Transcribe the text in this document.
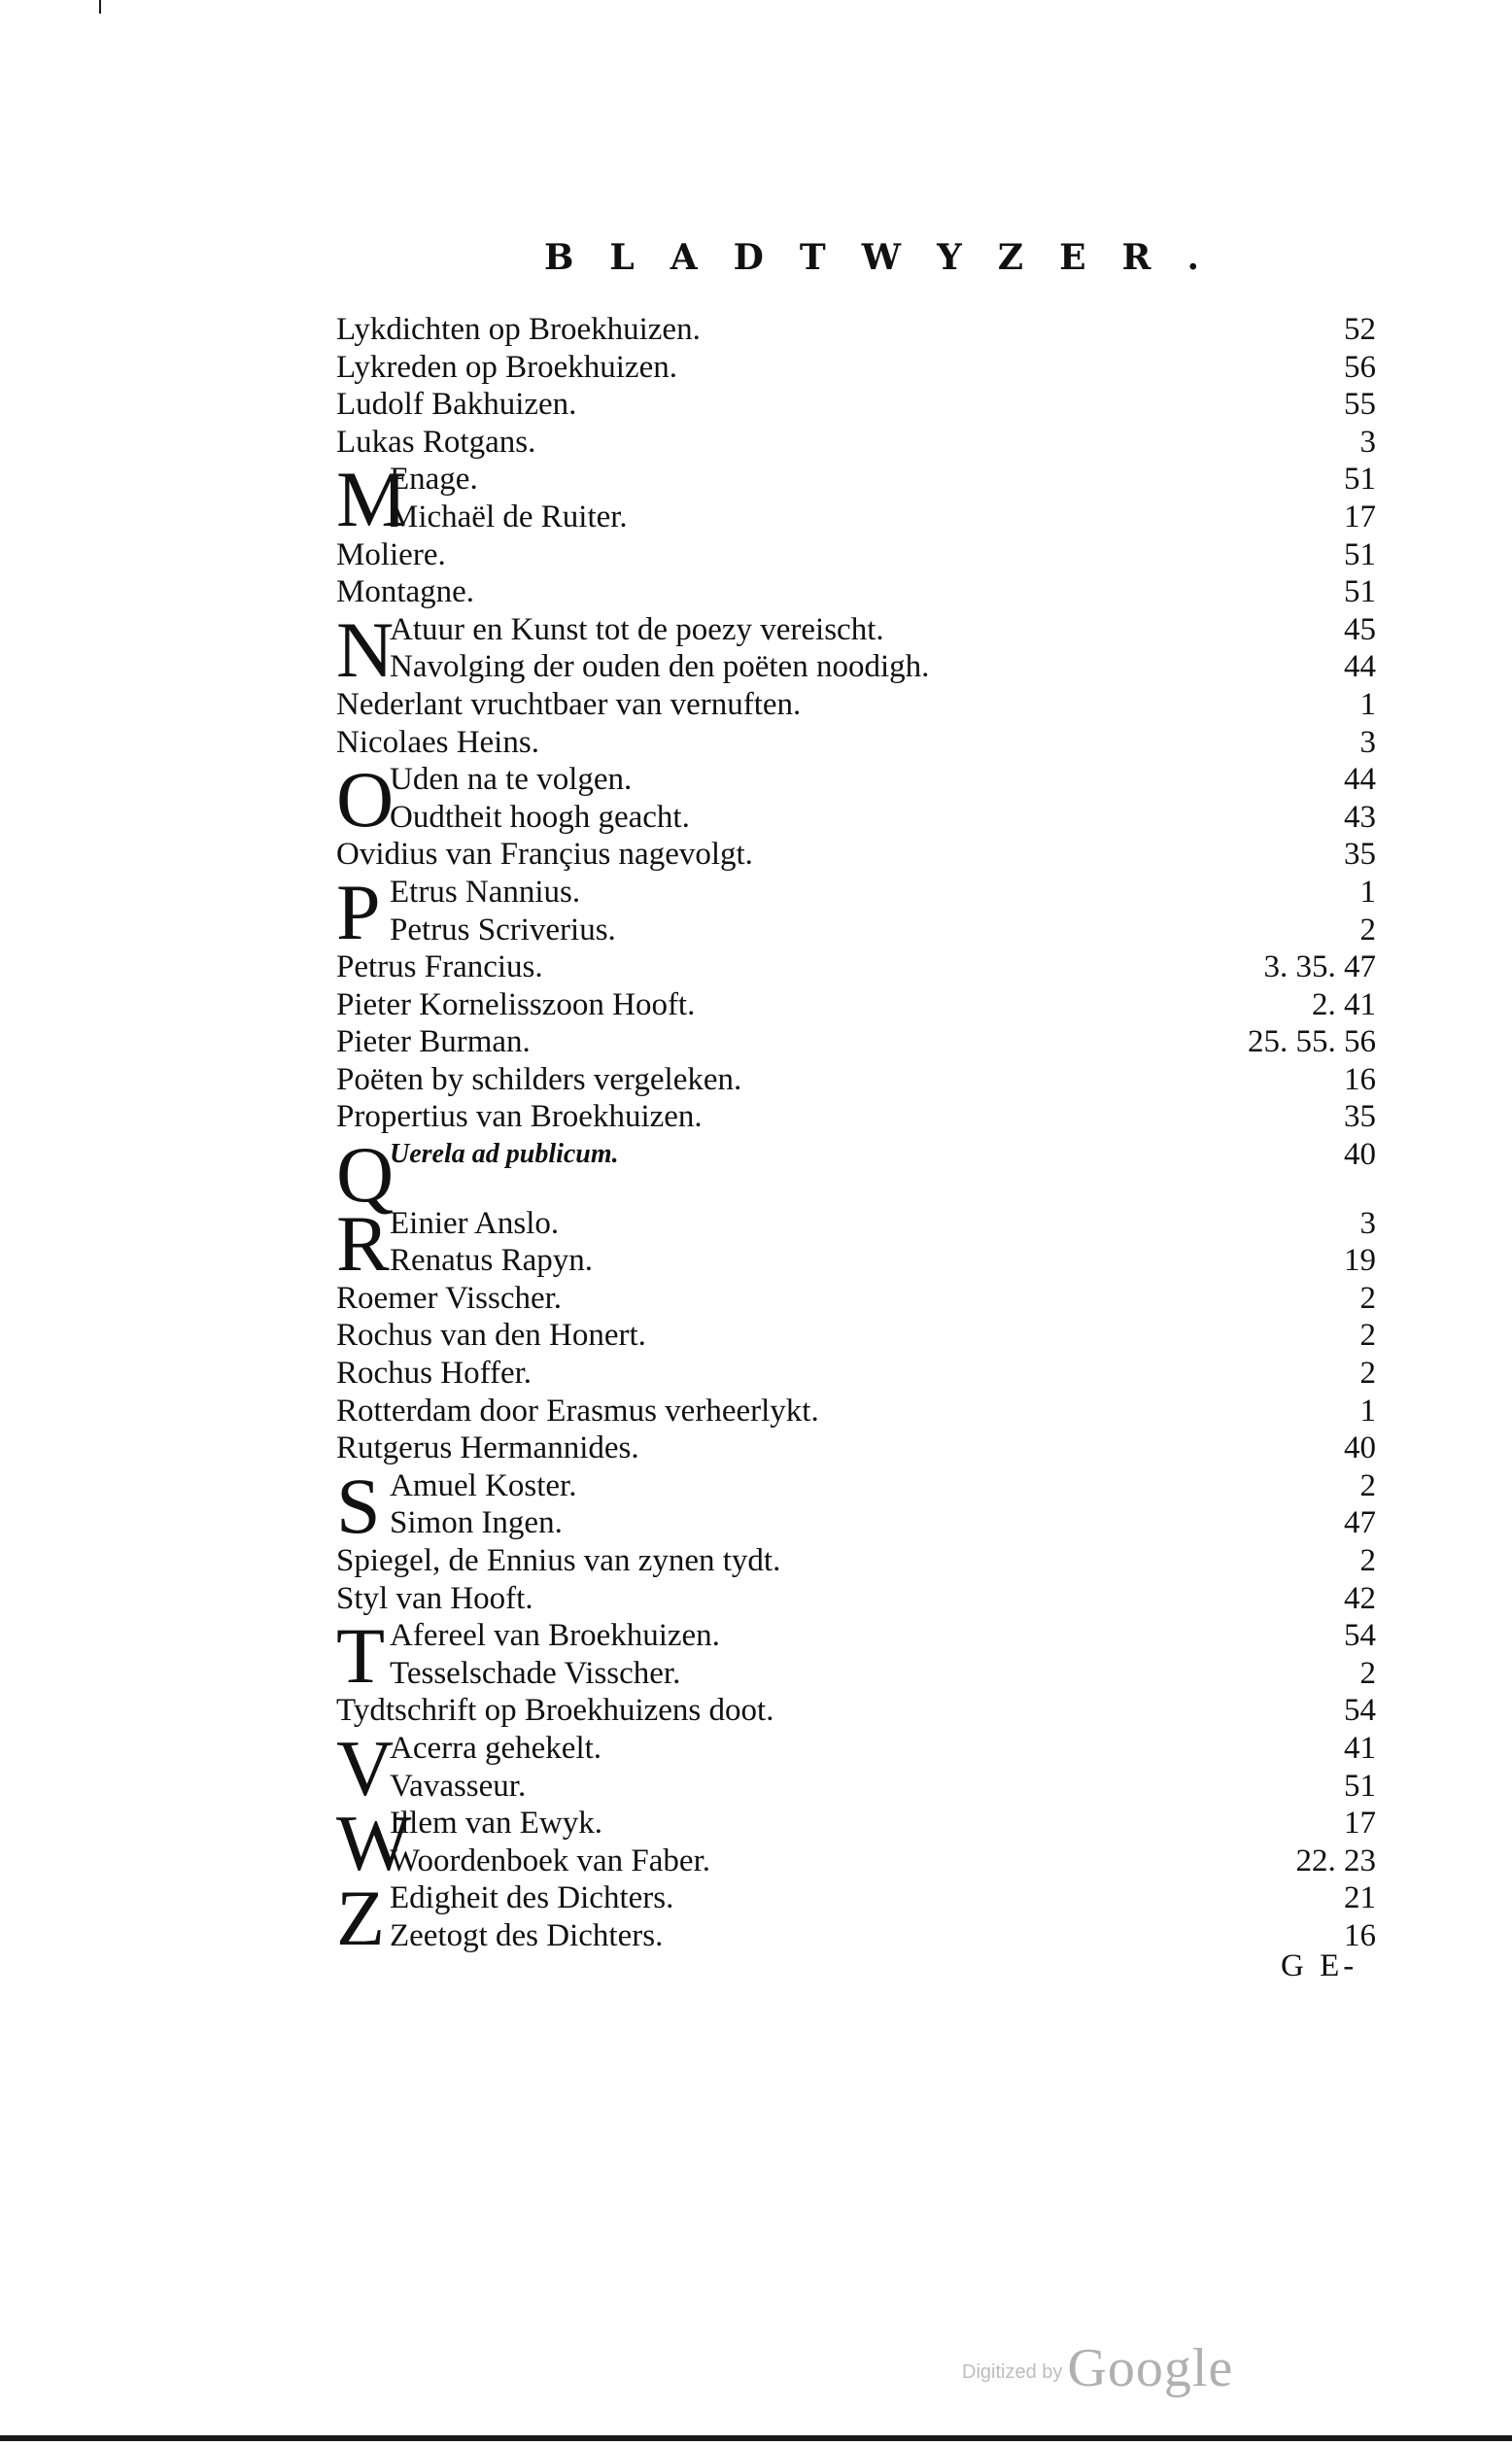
BLADTWYZER.
Lykdichten op Broekhuizen.	52
Lykreden op Broekhuizen.	56
Ludolf Bakhuizen.	55
Lukas Rotgans.	3
M
Enage.	51
Michaël de Ruiter.	17
Moliere.	51
Montagne.	51
N
Atuur en Kunst tot de poezy vereischt.	45
Navolging der ouden den poëten noodigh.	44
Nederlant vruchtbaer van vernuften.	1
Nicolaes Heins.	3
O
Uden na te volgen.	44
Oudtheit hoogh geacht.	43
Ovidius van Françius nagevolgt.	35
P Etrus Nannius.	1
Petrus Scriverius.	2
Petrus Francius.	3. 35. 47
Pieter Kornelisszoon Hooft.	2. 41
Pieter Burman.	25. 55. 56
Poëten by schilders vergeleken.	16
Propertius van Broekhuizen.	35
Q
Uerela ad publicum.	40
R Einier Anslo.	3
Renatus Rapyn.	19
Roemer Visscher.	2
Rochus van den Honert.	2
Rochus Hoffer.	2
Rotterdam door Erasmus verheerlykt.	1
Rutgerus Hermannides.	40
S Amuel Koster.	2
Simon Ingen.	47
Spiegel, de Ennius van zynen tydt.	2
Styl van Hooft.	42
T Afereel van Broekhuizen.	54
Tesselschade Visscher.	2
Tydtschrift op Broekhuizens doot.	54
V
Acerra gehekelt.	41
Vavasseur.	51
W
Illem van Ewyk.	17
Woordenboek van Faber.	22. 23
Z Edigheit des Dichters.	21
Zeetogt des Dichters.	16
G E-
Digitized by Google
